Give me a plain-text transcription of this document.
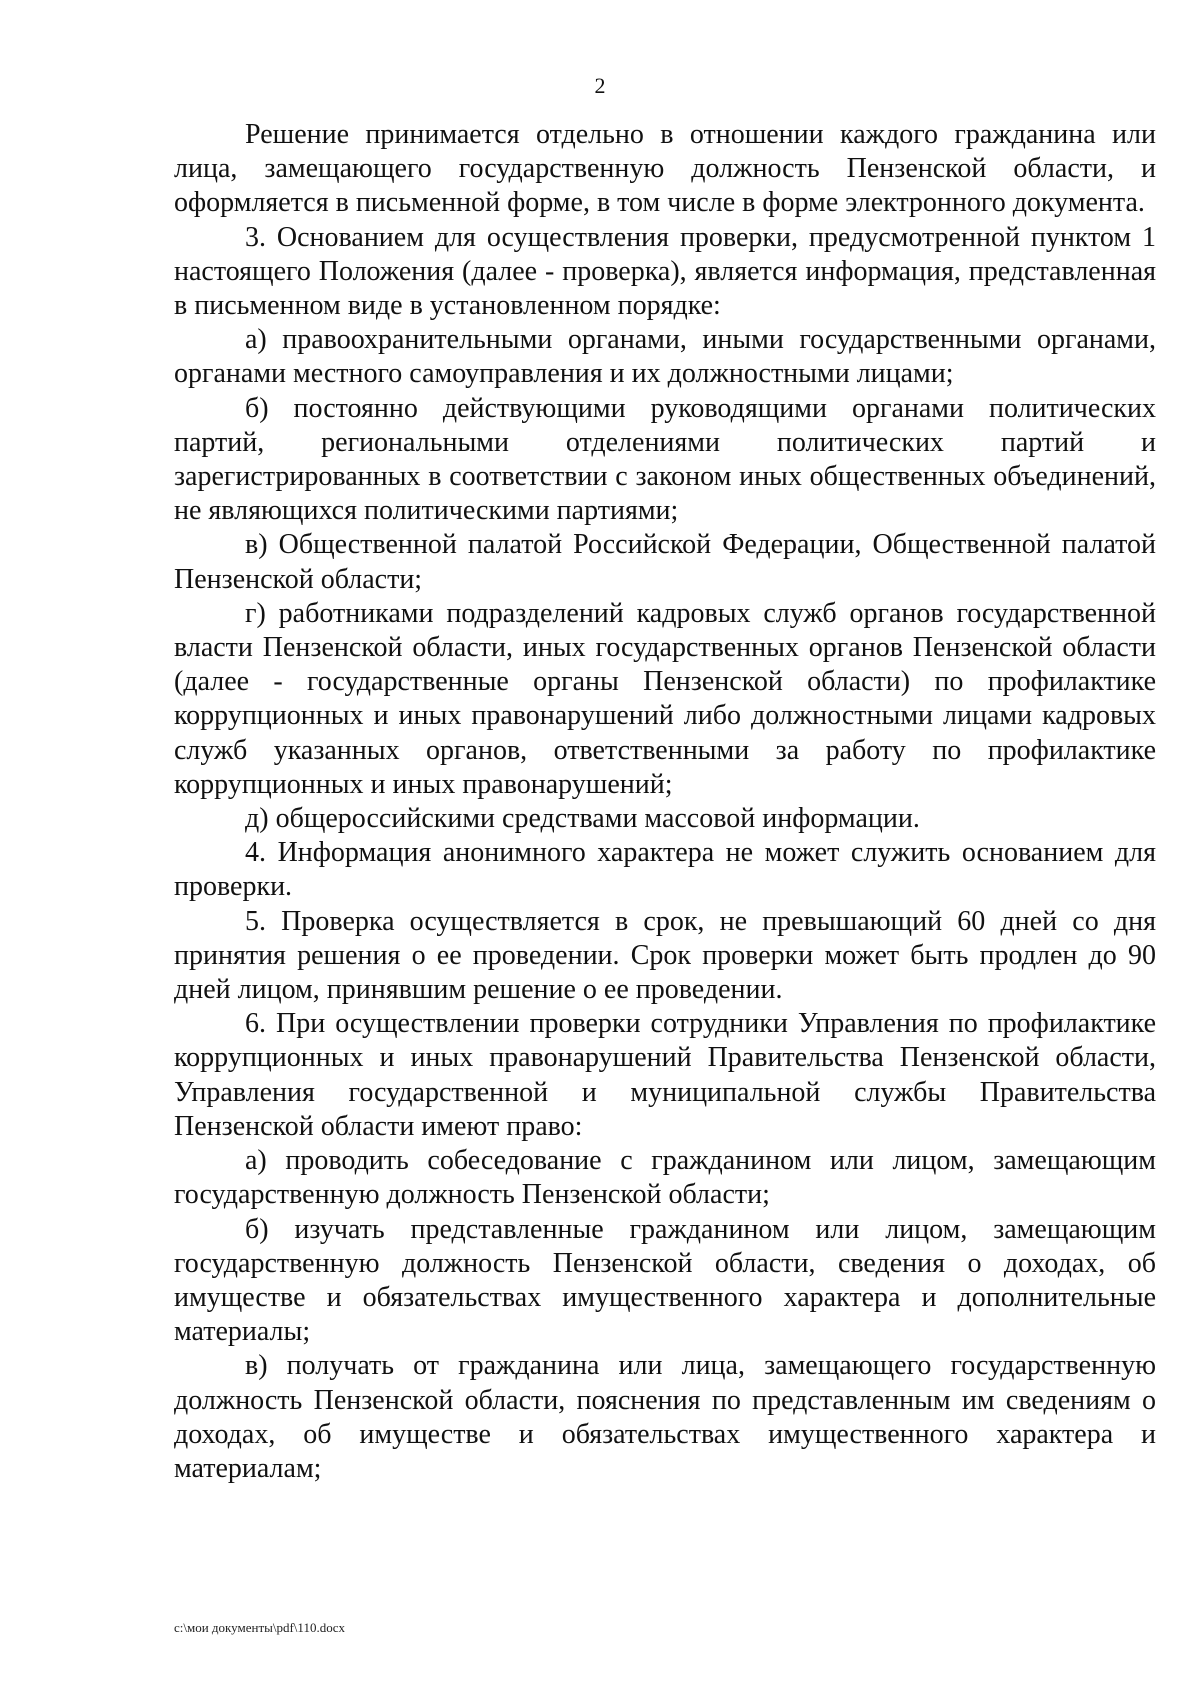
2

Решение принимается отдельно в отношении каждого гражданина или лица, замещающего государственную должность Пензенской области, и оформляется в письменной форме, в том числе в форме электронного документа.

3. Основанием для осуществления проверки, предусмотренной пунктом 1 настоящего Положения (далее - проверка), является информация, представленная в письменном виде в установленном порядке:

а) правоохранительными органами, иными государственными органами, органами местного самоуправления и их должностными лицами;

б) постоянно действующими руководящими органами политических партий, региональными отделениями политических партий и зарегистрированных в соответствии с законом иных общественных объединений, не являющихся политическими партиями;

в) Общественной палатой Российской Федерации, Общественной палатой Пензенской области;

г) работниками подразделений кадровых служб органов государственной власти Пензенской области, иных государственных органов Пензенской области (далее - государственные органы Пензенской области) по профилактике коррупционных и иных правонарушений либо должностными лицами кадровых служб указанных органов, ответственными за работу по профилактике коррупционных и иных правонарушений;

д) общероссийскими средствами массовой информации.

4. Информация анонимного характера не может служить основанием для проверки.

5. Проверка осуществляется в срок, не превышающий 60 дней со дня принятия решения о ее проведении. Срок проверки может быть продлен до 90 дней лицом, принявшим решение о ее проведении.

6. При осуществлении проверки сотрудники Управления по профилактике коррупционных и иных правонарушений Правительства Пензенской области, Управления государственной и муниципальной службы Правительства Пензенской области имеют право:

а) проводить собеседование с гражданином или лицом, замещающим государственную должность Пензенской области;

б) изучать представленные гражданином или лицом, замещающим государственную должность Пензенской области, сведения о доходах, об имуществе и обязательствах имущественного характера и дополнительные материалы;

в) получать от гражданина или лица, замещающего государственную должность Пензенской области, пояснения по представленным им сведениям о доходах, об имуществе и обязательствах имущественного характера и материалам;

c:\мои документы\pdf\110.docx
